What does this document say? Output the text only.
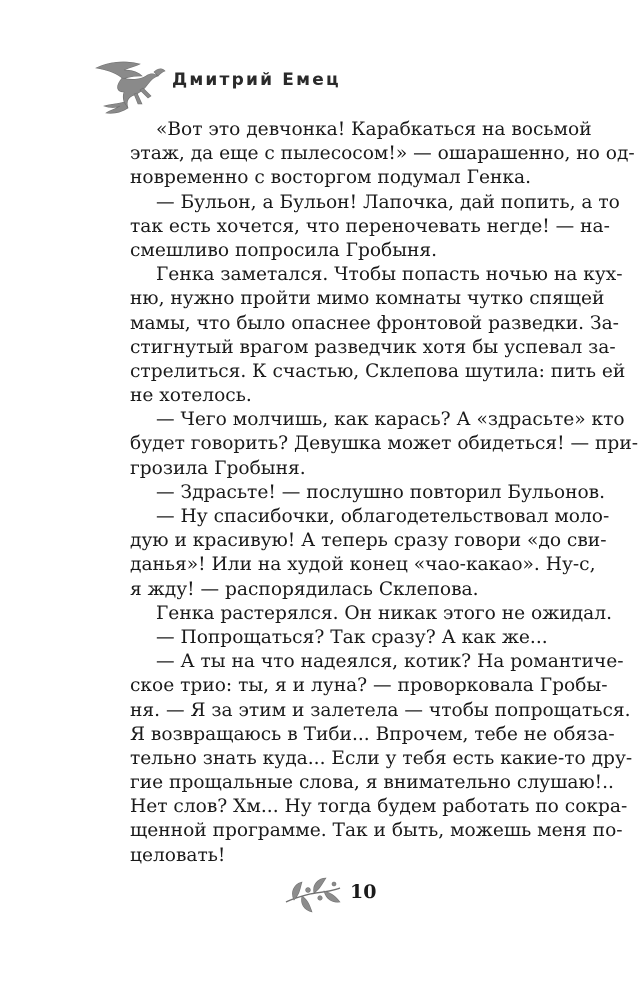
Дмитрий Емец
«Вот это девчонка! Карабкаться на восьмой
этаж, да еще с пылесосом!» — ошарашенно, но од-
новременно с восторгом подумал Генка.
— Бульон, а Бульон! Лапочка, дай попить, а то
так есть хочется, что переночевать негде! — на-
смешливо попросила Гробыня.
Генка заметался. Чтобы попасть ночью на кух-
ню, нужно пройти мимо комнаты чутко спящей
мамы, что было опаснее фронтовой разведки. За-
стигнутый врагом разведчик хотя бы успевал за-
стрелиться. К счастью, Склепова шутила: пить ей
не хотелось.
— Чего молчишь, как карась? А «здрасьте» кто
будет говорить? Девушка может обидеться! — при-
грозила Гробыня.
— Здрасьте! — послушно повторил Бульонов.
— Ну спасибочки, облагодетельствовал моло-
дую и красивую! А теперь сразу говори «до сви-
данья»! Или на худой конец «чао-какао». Ну-с,
я жду! — распорядилась Склепова.
Генка растерялся. Он никак этого не ожидал.
— Попрощаться? Так сразу? А как же...
— А ты на что надеялся, котик? На романтиче-
ское трио: ты, я и луна? — проворковала Гробы-
ня. — Я за этим и залетела — чтобы попрощаться.
Я возвращаюсь в Тиби... Впрочем, тебе не обяза-
тельно знать куда... Если у тебя есть какие-то дру-
гие прощальные слова, я внимательно слушаю!..
Нет слов? Хм... Ну тогда будем работать по сокра-
щенной программе. Так и быть, можешь меня по-
целовать!
10
